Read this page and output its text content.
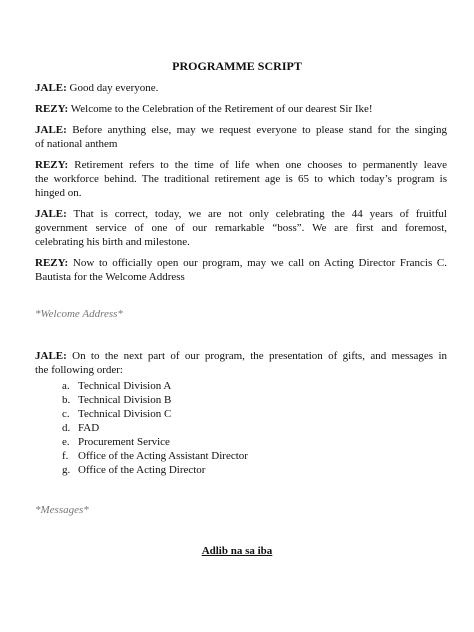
PROGRAMME SCRIPT
JALE: Good day everyone.
REZY: Welcome to the Celebration of the Retirement of our dearest Sir Ike!
JALE: Before anything else, may we request everyone to please stand for the singing
of national anthem
REZY: Retirement refers to the time of life when one chooses to permanently leave
the workforce behind. The traditional retirement age is 65 to which today’s program is
hinged on.
JALE: That is correct, today, we are not only celebrating the 44 years of fruitful
government service of one of our remarkable “boss”. We are first and foremost,
celebrating his birth and milestone.
REZY: Now to officially open our program, may we call on Acting Director Francis C.
Bautista for the Welcome Address
*Welcome Address*
JALE: On to the next part of our program, the presentation of gifts, and messages in
the following order:
a. Technical Division A
b. Technical Division B
c. Technical Division C
d. FAD
e. Procurement Service
f. Office of the Acting Assistant Director
g. Office of the Acting Director
*Messages*
Adlib na sa iba
